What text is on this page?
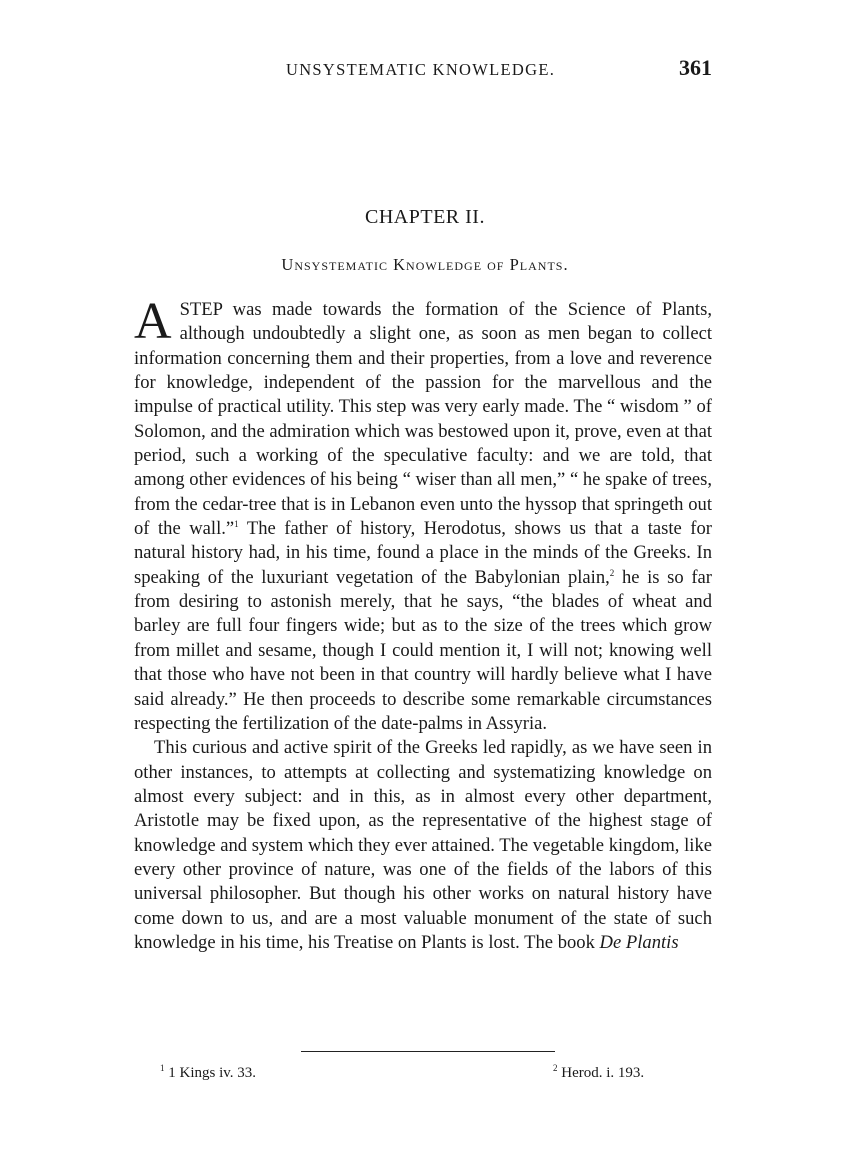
UNSYSTEMATIC KNOWLEDGE.	361
CHAPTER II.
Unsystematic Knowledge of Plants.

A STEP was made towards the formation of the Science of Plants, although undoubtedly a slight one, as soon as men began to collect information concerning them and their properties, from a love and reverence for knowledge, independent of the passion for the marvellous and the impulse of practical utility. This step was very early made. The “ wisdom ” of Solomon, and the admiration which was bestowed upon it, prove, even at that period, such a working of the speculative faculty: and we are told, that among other evidences of his being “ wiser than all men,” “ he spake of trees, from the cedar-tree that is in Lebanon even unto the hyssop that springeth out of the wall.”$^1$ The father of history, Herodotus, shows us that a taste for natural history had, in his time, found a place in the minds of the Greeks. In speaking of the luxuriant vegetation of the Babylonian plain,$^2$ he is so far from desiring to astonish merely, that he says, “the blades of wheat and barley are full four fingers wide; but as to the size of the trees which grow from millet and sesame, though I could mention it, I will not; knowing well that those who have not been in that country will hardly believe what I have said already.” He then proceeds to describe some remarkable circumstances respecting the fertilization of the date-palms in Assyria.

This curious and active spirit of the Greeks led rapidly, as we have seen in other instances, to attempts at collecting and systematizing knowledge on almost every subject: and in this, as in almost every other department, Aristotle may be fixed upon, as the representative of the highest stage of knowledge and system which they ever attained. The vegetable kingdom, like every other province of nature, was one of the fields of the labors of this universal philosopher. But though his other works on natural history have come down to us, and are a most valuable monument of the state of such knowledge in his time, his Treatise on Plants is lost. The book De Plantis

$^1$ 1 Kings iv. 33.	$^2$ Herod. i. 193.
